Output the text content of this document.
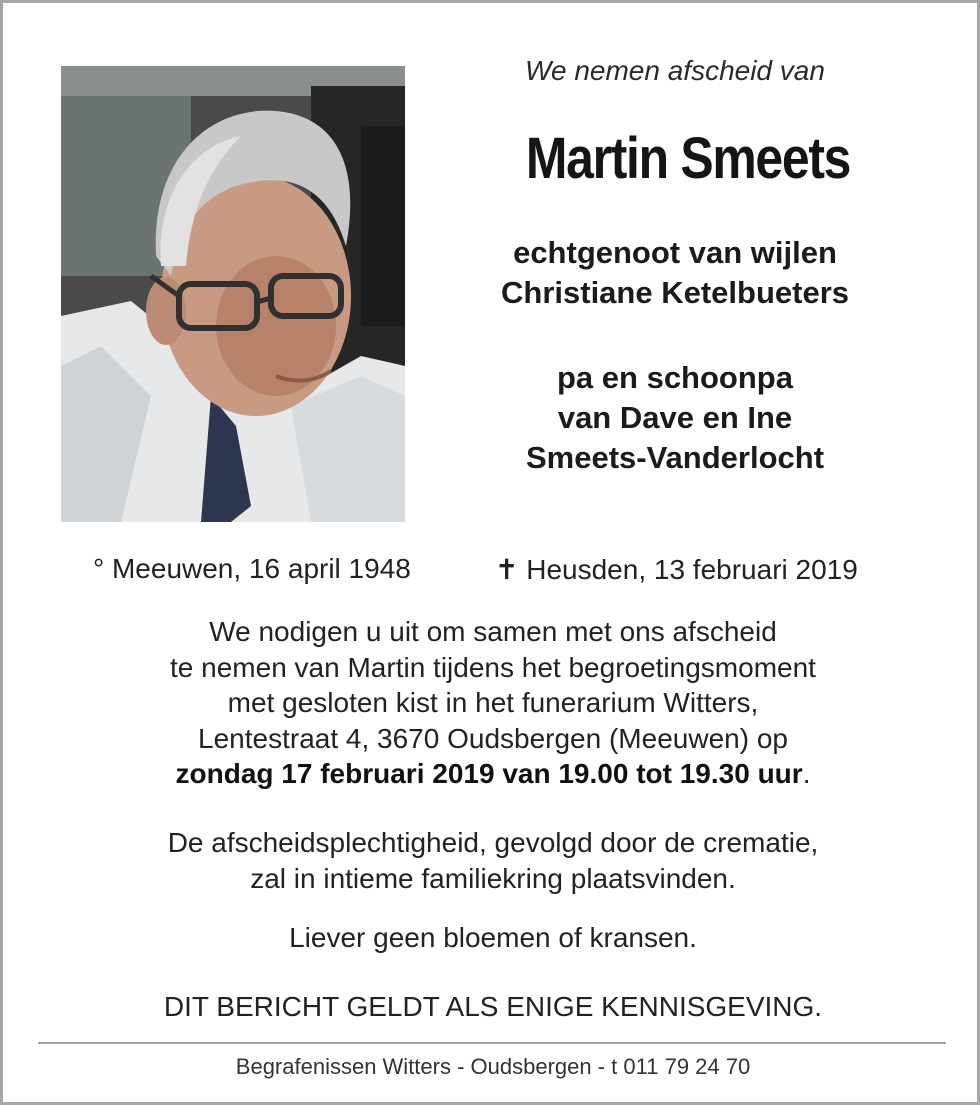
We nemen afscheid van
Martin Smeets
echtgenoot van wijlen
Christiane Ketelbueters
pa en schoonpa
van Dave en Ine
Smeets-Vanderlocht
° Meeuwen, 16 april 1948	✝ Heusden, 13 februari 2019
We nodigen u uit om samen met ons afscheid
te nemen van Martin tijdens het begroetingsmoment
met gesloten kist in het funerarium Witters,
Lentestraat 4, 3670 Oudsbergen (Meeuwen) op
zondag 17 februari 2019 van 19.00 tot 19.30 uur.
De afscheidsplechtigheid, gevolgd door de crematie,
zal in intieme familiekring plaatsvinden.
Liever geen bloemen of kransen.
DIT BERICHT GELDT ALS ENIGE KENNISGEVING.
Begrafenissen Witters - Oudsbergen - t 011 79 24 70
